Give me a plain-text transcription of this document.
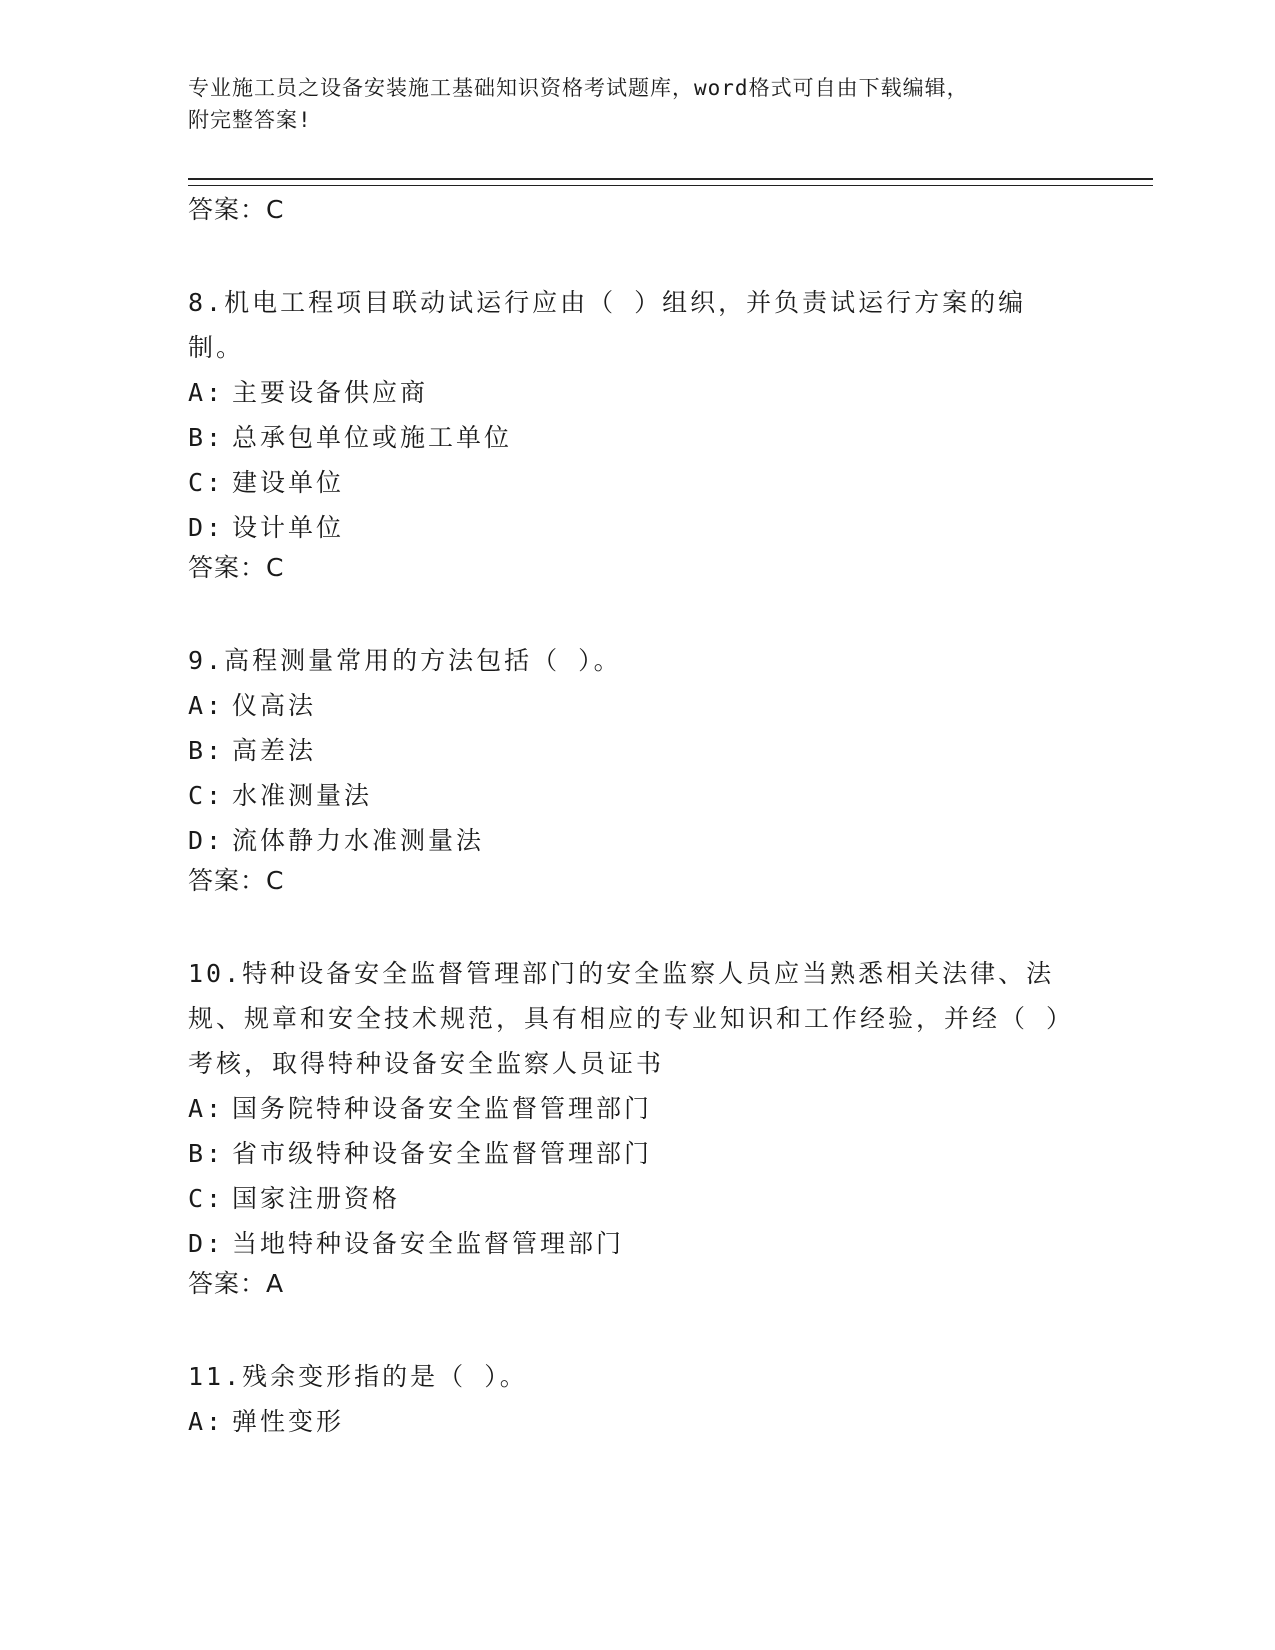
专业施工员之设备安装施工基础知识资格考试题库，word格式可自由下载编辑，
附完整答案!
答案：C

8.机电工程项目联动试运行应由（ ）组织，并负责试运行方案的编制。

A: 主要设备供应商
B: 总承包单位或施工单位
C: 建设单位
D: 设计单位
答案：C

9.高程测量常用的方法包括（ ）。

A: 仪高法
B: 高差法
C: 水准测量法
D: 流体静力水准测量法
答案：C

10.特种设备安全监督管理部门的安全监察人员应当熟悉相关法律、法规、规章和安全技术规范，具有相应的专业知识和工作经验，并经（ ）考核，取得特种设备安全监察人员证书

A: 国务院特种设备安全监督管理部门
B: 省市级特种设备安全监督管理部门
C: 国家注册资格
D: 当地特种设备安全监督管理部门
答案：A

11.残余变形指的是（ ）。

A: 弹性变形
